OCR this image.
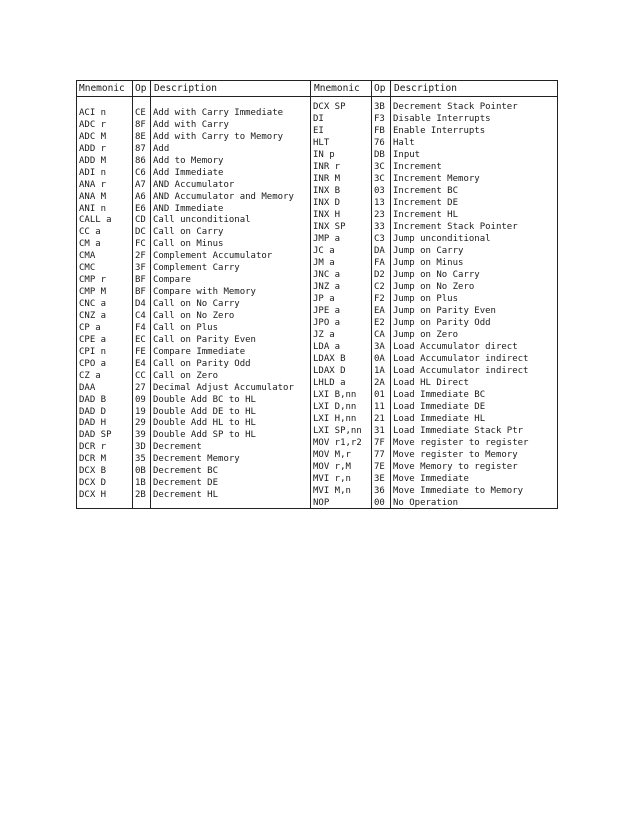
Mnemonic Op Description
ACI n	CE Add with Carry Immediate
ADC r	8F Add with Carry
ADC M	8E Add with Carry to Memory
ADD r	87 Add
ADD M	86 Add to Memory
ADI n	C6 Add Immediate
ANA r	A7 AND Accumulator
ANA M	A6 AND Accumulator and Memory
ANI n	E6 AND Immediate
CALL a	CD Call unconditional
CC a	DC Call on Carry
CM a	FC Call on Minus
CMA	2F Complement Accumulator
CMC	3F Complement Carry
CMP r	BF Compare
CMP M	BF Compare with Memory
CNC a	D4 Call on No Carry
CNZ a	C4 Call on No Zero
CP a	F4 Call on Plus
CPE a	EC Call on Parity Even
CPI n	FE Compare Immediate
CPO a	E4 Call on Parity Odd
CZ a	CC Call on Zero
DAA	27 Decimal Adjust Accumulator
DAD B	09 Double Add BC to HL
DAD D	19 Double Add DE to HL
DAD H	29 Double Add HL to HL
DAD SP	39 Double Add SP to HL
DCR r	3D Decrement
DCR M	35 Decrement Memory
DCX B	0B Decrement BC
DCX D	1B Decrement DE
DCX H	2B Decrement HL
Mnemonic Op Description
DCX SP	3B Decrement Stack Pointer
DI	F3 Disable Interrupts
EI	FB Enable Interrupts
HLT	76 Halt
IN p	DB Input
INR r	3C Increment
INR M	3C Increment Memory
INX B	03 Increment BC
INX D	13 Increment DE
INX H	23 Increment HL
INX SP	33 Increment Stack Pointer
JMP a	C3 Jump unconditional
JC a	DA Jump on Carry
JM a	FA Jump on Minus
JNC a	D2 Jump on No Carry
JNZ a	C2 Jump on No Zero
JP a	F2 Jump on Plus
JPE a	EA Jump on Parity Even
JPO a	E2 Jump on Parity Odd
JZ a	CA Jump on Zero
LDA a	3A Load Accumulator direct
LDAX B	0A Load Accumulator indirect
LDAX D	1A Load Accumulator indirect
LHLD a	2A Load HL Direct
LXI B,nn	01 Load Immediate BC
LXI D,nn	11 Load Immediate DE
LXI H,nn	21 Load Immediate HL
LXI SP,nn	31 Load Immediate Stack Ptr
MOV r1,r2	7F Move register to register
MOV M,r	77 Move register to Memory
MOV r,M	7E Move Memory to register
MVI r,n	3E Move Immediate
MVI M,n	36 Move Immediate to Memory
NOP	00 No Operation
